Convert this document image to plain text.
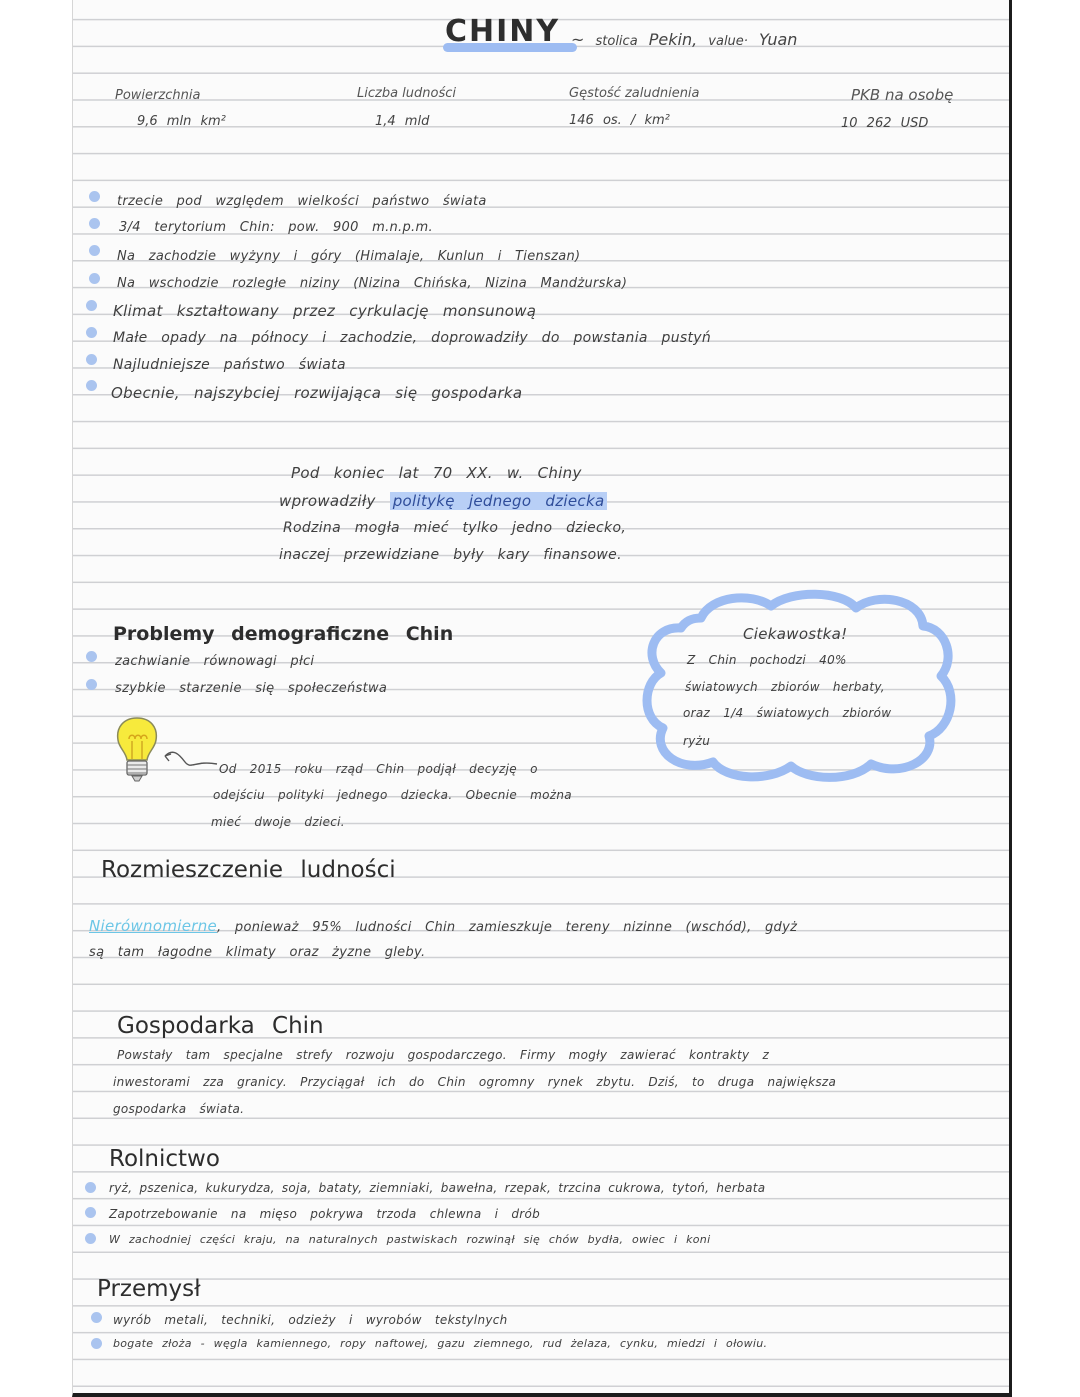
CHINY ~ stolica Pekin, value· Yuan
Powierzchnia
9,6 mln km²
Liczba ludności
1,4 mld
Gęstość zaludnienia
146 os. / km²
PKB na osobę
10 262 USD
trzecie pod względem wielkości państwo świata
3/4 terytorium Chin: pow. 900 m.n.p.m.
Na zachodzie wyżyny i góry (Himalaje, Kunlun i Tienszan)
Na wschodzie rozległe niziny (Nizina Chińska, Nizina Mandżurska)
Klimat kształtowany przez cyrkulację monsunową
Małe opady na północy i zachodzie, doprowadziły do powstania pustyń
Najludniejsze państwo świata
Obecnie, najszybciej rozwijająca się gospodarka
Pod koniec lat 70 XX. w. Chiny
wprowadziły politykę jednego dziecka
Rodzina mogła mieć tylko jedno dziecko,
inaczej przewidziane były kary finansowe.
Problemy demograficzne Chin
zachwianie równowagi płci
szybkie starzenie się społeczeństwa
Od 2015 roku rząd Chin podjął decyzję o
odejściu polityki jednego dziecka. Obecnie można
mieć dwoje dzieci.
Ciekawostka!
Z Chin pochodzi 40%
światowych zbiorów herbaty,
oraz 1/4 światowych zbiorów
ryżu
Rozmieszczenie ludności
Nierównomierne, ponieważ 95% ludności Chin zamieszkuje tereny nizinne (wschód), gdyż
są tam łagodne klimaty oraz żyzne gleby.
Gospodarka Chin
Powstały tam specjalne strefy rozwoju gospodarczego. Firmy mogły zawierać kontrakty z
inwestorami zza granicy. Przyciągał ich do Chin ogromny rynek zbytu. Dziś, to druga największa
gospodarka świata.
Rolnictwo
ryż, pszenica, kukurydza, soja, bataty, ziemniaki, bawełna, rzepak, trzcina cukrowa, tytoń, herbata
Zapotrzebowanie na mięso pokrywa trzoda chlewna i drób
W zachodniej części kraju, na naturalnych pastwiskach rozwinął się chów bydła, owiec i koni
Przemysł
wyrób metali, techniki, odzieży i wyrobów tekstylnych
bogate złoża - węgla kamiennego, ropy naftowej, gazu ziemnego, rud żelaza, cynku, miedzi i ołowiu.
